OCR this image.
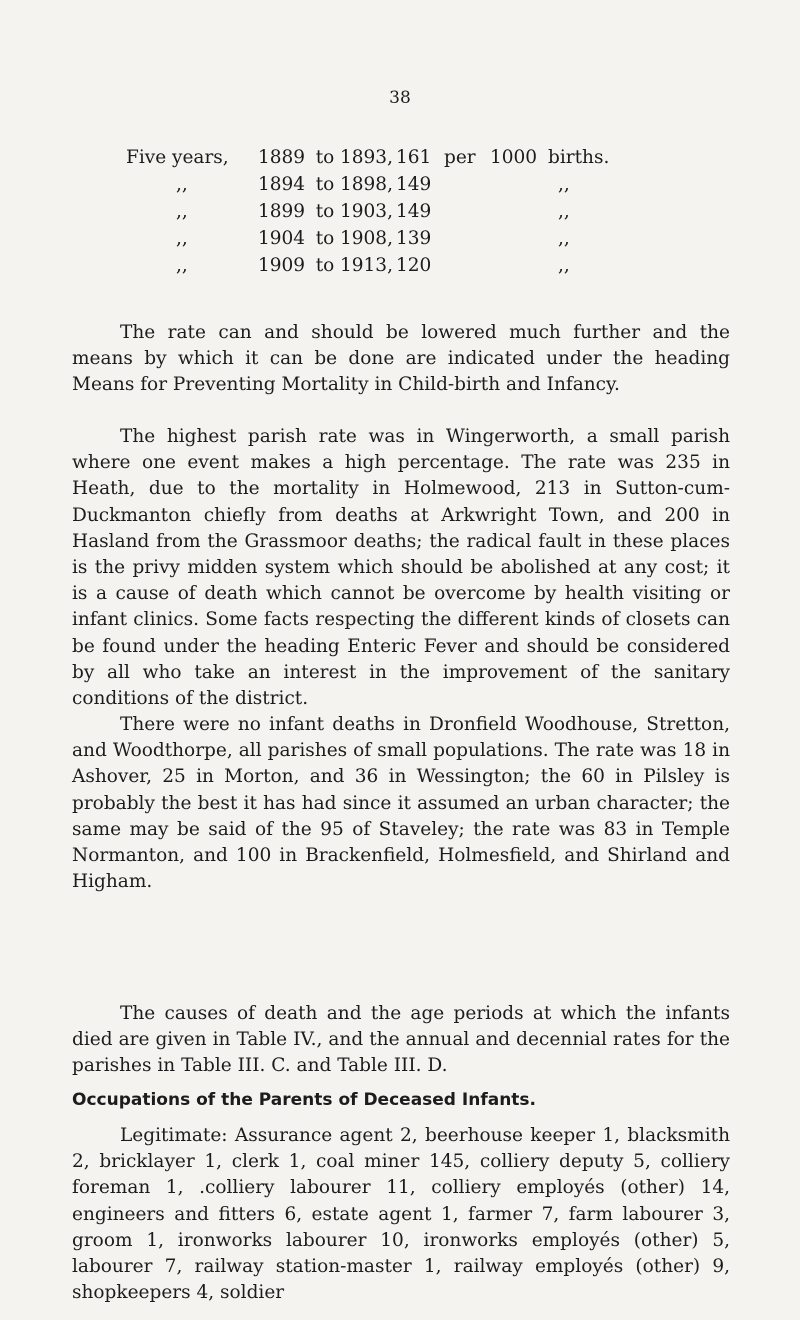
38
Five years,	1889	to	1893,	161	per	1000	births.
,,	1894	to	1898,	149			,,
,,	1899	to	1903,	149			,,
,,	1904	to	1908,	139			,,
,,	1909	to	1913,	120			,,

The rate can and should be lowered much further and the means by which it can be done are indicated under the heading Means for Preventing Mortality in Child-birth and Infancy.

The highest parish rate was in Wingerworth, a small parish where one event makes a high percentage. The rate was 235 in Heath, due to the mortality in Holmewood, 213 in Sutton-cum-Duckmanton chiefly from deaths at Arkwright Town, and 200 in Hasland from the Grassmoor deaths; the radical fault in these places is the privy midden system which should be abolished at any cost; it is a cause of death which cannot be overcome by health visiting or infant clinics. Some facts respecting the different kinds of closets can be found under the heading Enteric Fever and should be considered by all who take an interest in the improvement of the sanitary conditions of the district.

There were no infant deaths in Dronfield Woodhouse, Stretton, and Woodthorpe, all parishes of small populations. The rate was 18 in Ashover, 25 in Morton, and 36 in Wessington; the 60 in Pilsley is probably the best it has had since it assumed an urban character; the same may be said of the 95 of Staveley; the rate was 83 in Temple Normanton, and 100 in Brackenfield, Holmesfield, and Shirland and Higham.

The causes of death and the age periods at which the infants died are given in Table IV., and the annual and decennial rates for the parishes in Table III. C. and Table III. D.

Occupations of the Parents of Deceased Infants.

Legitimate: Assurance agent 2, beerhouse keeper 1, blacksmith 2, bricklayer 1, clerk 1, coal miner 145, colliery deputy 5, colliery foreman 1, .colliery labourer 11, colliery employés (other) 14, engineers and fitters 6, estate agent 1, farmer 7, farm labourer 3, groom 1, ironworks labourer 10, ironworks employés (other) 5, labourer 7, railway station-master 1, railway employés (other) 9, shopkeepers 4, soldier
